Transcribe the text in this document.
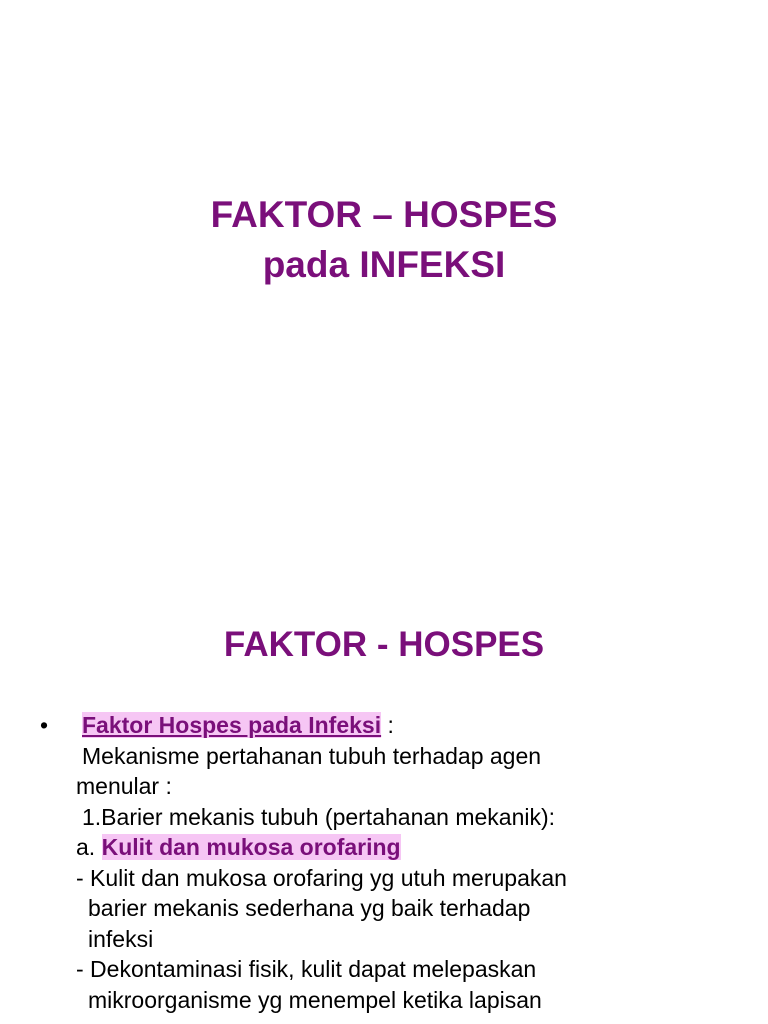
FAKTOR – HOSPES
pada INFEKSI
FAKTOR - HOSPES
•	Faktor Hospes pada Infeksi :
Mekanisme pertahanan tubuh terhadap agen
menular :
1.Barier mekanis tubuh (pertahanan mekanik):
a. Kulit dan mukosa orofaring
- Kulit dan mukosa orofaring yg utuh merupakan
barier mekanis sederhana yg baik terhadap
infeksi
- Dekontaminasi fisik, kulit dapat melepaskan
mikroorganisme yg menempel ketika lapisan
